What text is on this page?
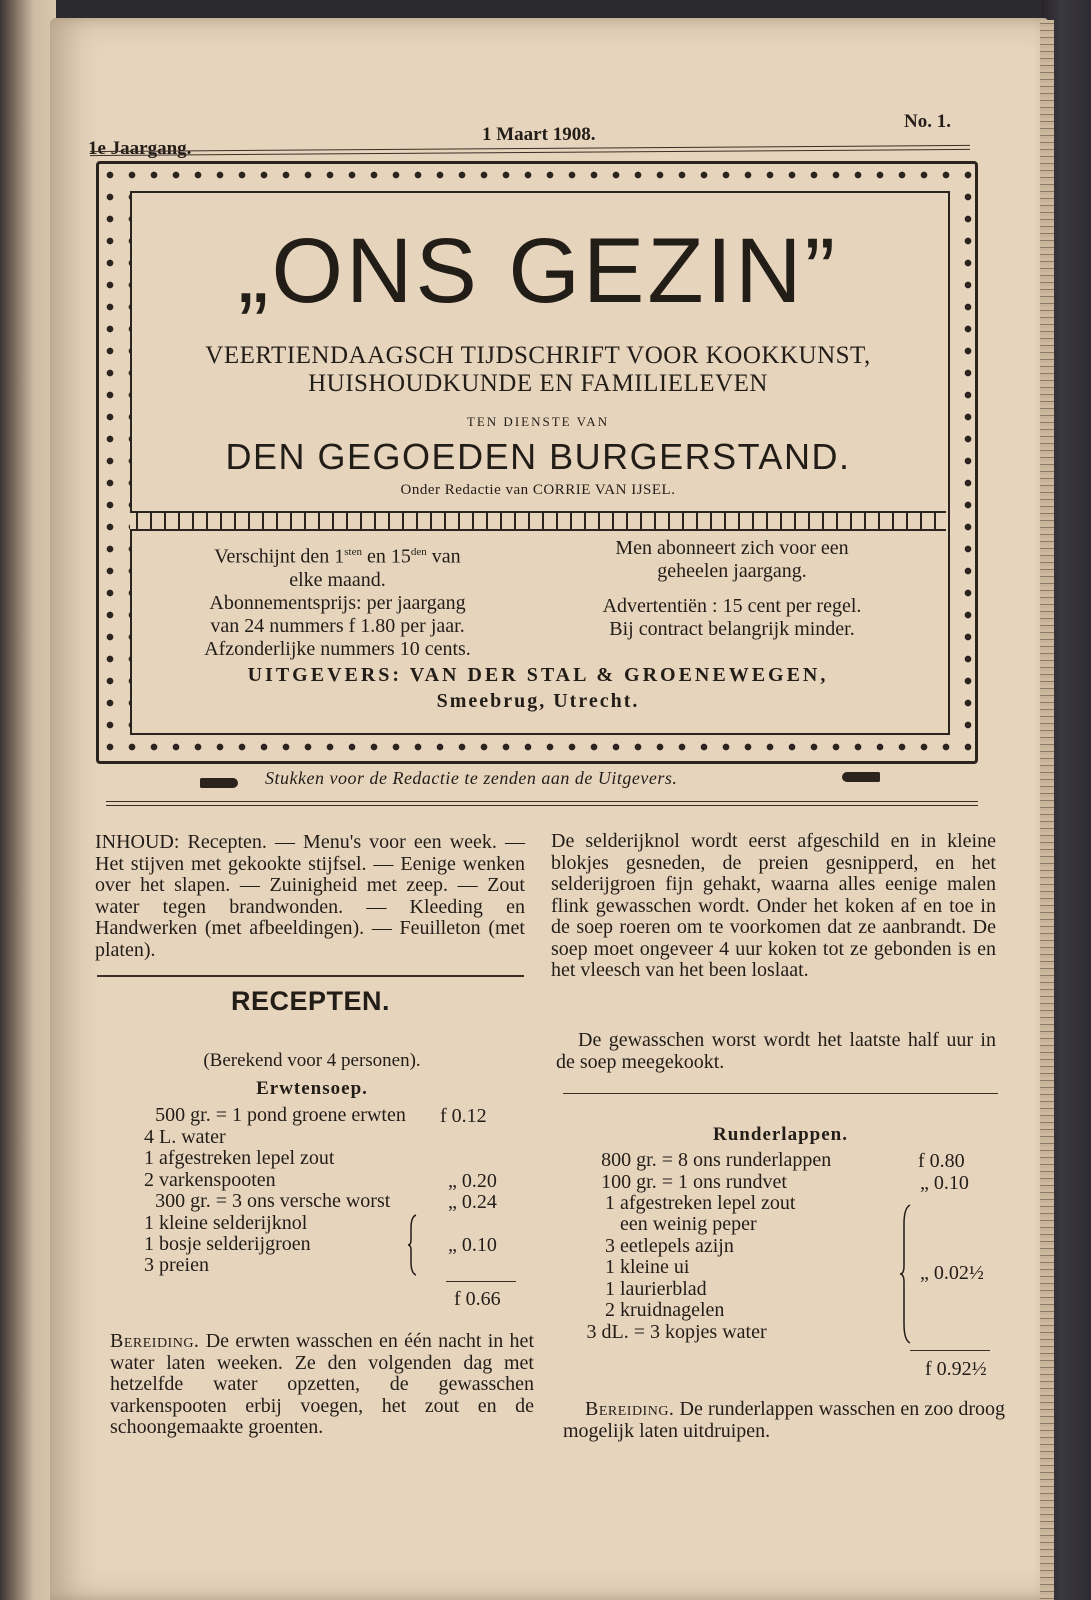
1e Jaargang.
1 Maart 1908.
No. 1.
„ONS GEZIN”
VEERTIENDAAGSCH TIJDSCHRIFT VOOR KOOKKUNST,
HUISHOUDKUNDE EN FAMILIELEVEN
TEN DIENSTE VAN
DEN GEGOEDEN BURGERSTAND.
Onder Redactie van CORRIE VAN IJSEL.
Verschijnt den $1^{sten}$ en $15^{den}$ van
elke maand.
Abonnementsprijs: per jaargang
van 24 nummers f 1.80 per jaar.
Afzonderlijke nummers 10 cents.
Men abonneert zich voor een
geheelen jaargang.
Advertentiën : 15 cent per regel.
Bij contract belangrijk minder.
UITGEVERS: VAN DER STAL & GROENEWEGEN,
Smeebrug, Utrecht.
Stukken voor de Redactie te zenden aan de Uitgevers.
INHOUD: Recepten. — Menu's voor een week. — Het stijven met gekookte stijfsel. — Eenige wenken over het slapen. — Zuinigheid met zeep. — Zout water tegen brandwonden. — Kleeding en Handwerken (met afbeeldingen). — Feuilleton (met platen).
RECEPTEN.
(Berekend voor 4 personen).
Erwtensoep.
500 gr. = 1 pond groene erwten
4 L. water
1 afgestreken lepel zout
2 varkenspooten
300 gr. = 3 ons versche worst
1 kleine selderijknol
1 bosje selderijgroen
3 preien
f 0.12
„ 0.20
„ 0.24
„ 0.10
f 0.66
Bereiding. De erwten wasschen en één nacht in het water laten weeken. Ze den volgenden dag met hetzelfde water opzetten, de gewasschen varkenspooten erbij voegen, het zout en de schoongemaakte groenten.
De selderijknol wordt eerst afgeschild en in kleine blokjes gesneden, de preien gesnipperd, en het selderijgroen fijn gehakt, waarna alles eenige malen flink gewasschen wordt. Onder het koken af en toe in de soep roeren om te voorkomen dat ze aanbrandt. De soep moet ongeveer 4 uur koken tot ze gebonden is en het vleesch van het been loslaat.
De gewasschen worst wordt het laatste half uur in de soep meegekookt.
Runderlappen.
800 gr. = 8 ons runderlappen
100 gr. = 1 ons rundvet
1 afgestreken lepel zout
een weinig peper
3 eetlepels azijn
1 kleine ui
1 laurierblad
2 kruidnagelen
3 dL. = 3 kopjes water
f 0.80
„ 0.10
„ 0.02½
f 0.92½
Bereiding. De runderlappen wasschen en zoo droog mogelijk laten uitdruipen.
